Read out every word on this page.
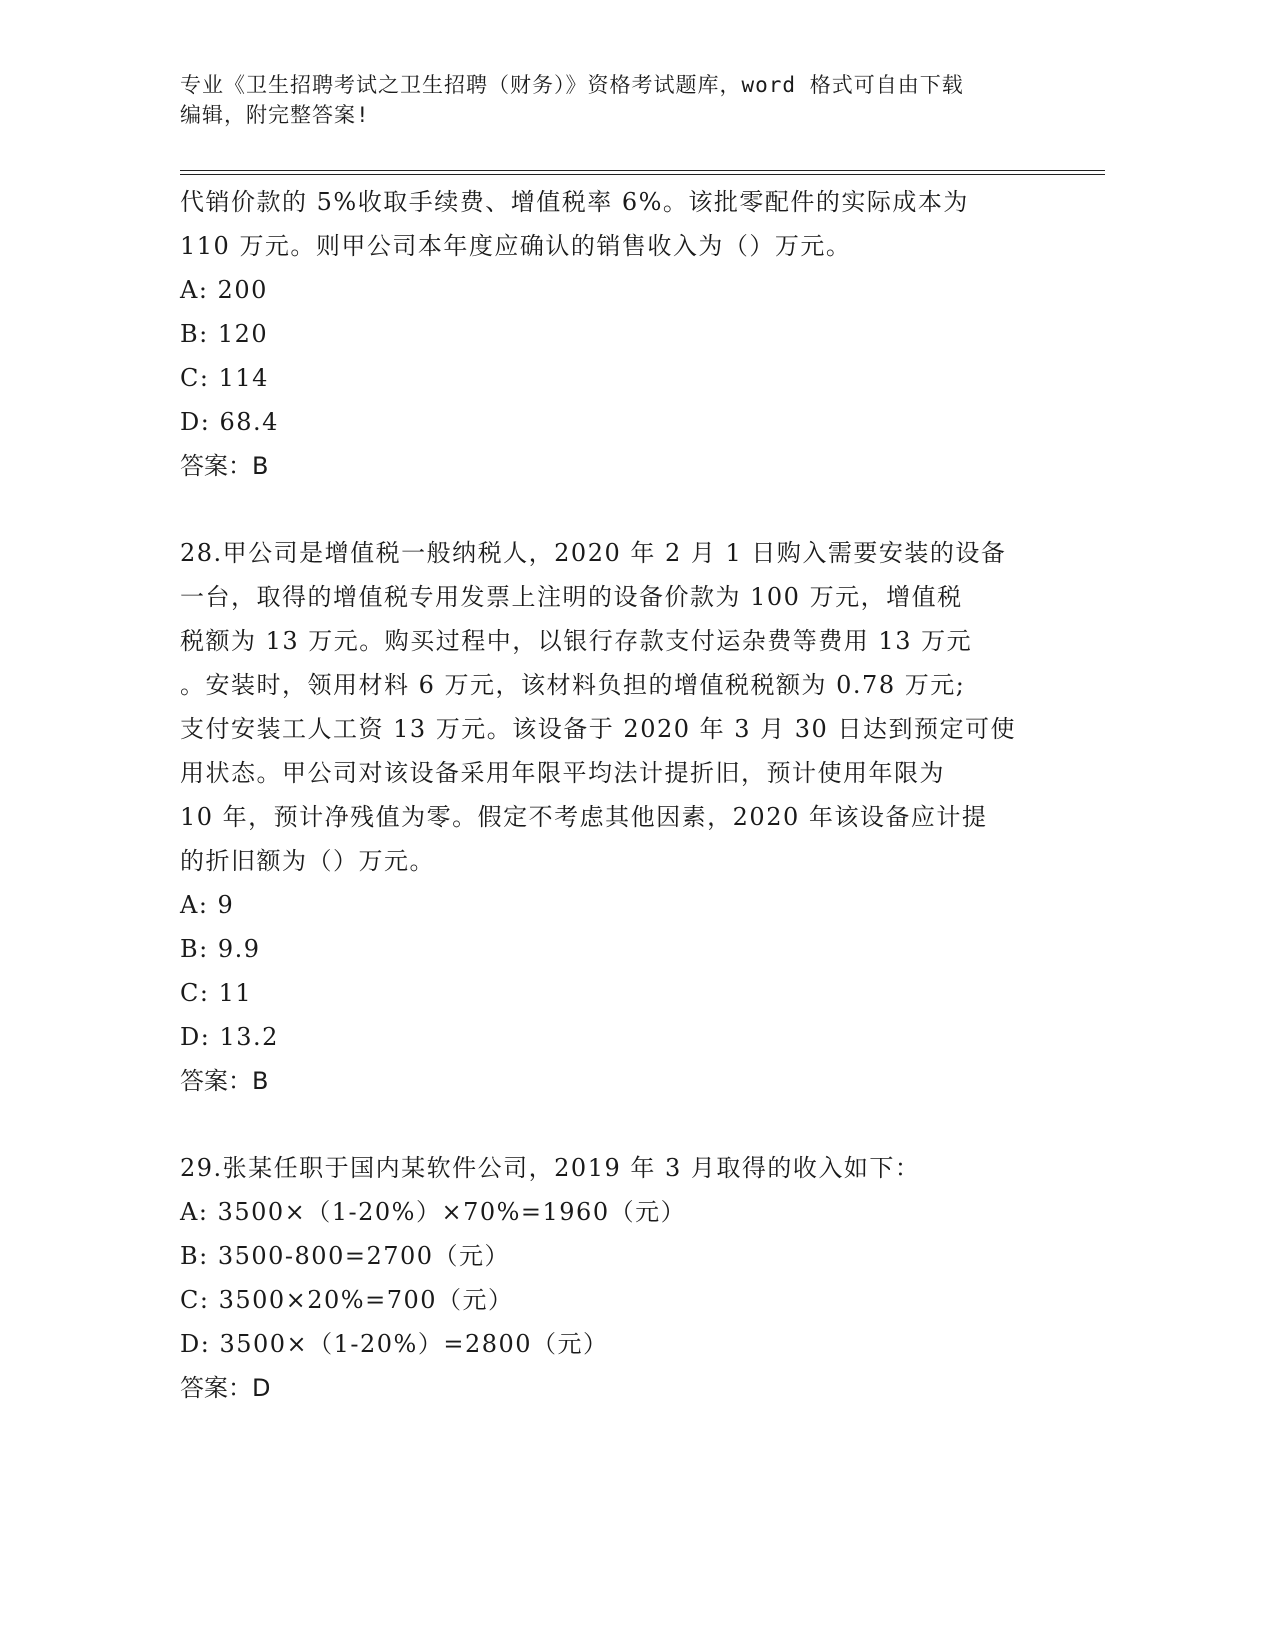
专业《卫生招聘考试之卫生招聘（财务）》资格考试题库，word 格式可自由下载
编辑，附完整答案!
代销价款的 5%收取手续费、增值税率 6%。该批零配件的实际成本为
110 万元。则甲公司本年度应确认的销售收入为（）万元。
A: 200
B: 120
C: 114
D: 68.4
答案：B
28.甲公司是增值税一般纳税人，2020 年 2 月 1 日购入需要安装的设备
一台，取得的增值税专用发票上注明的设备价款为 100 万元，增值税
税额为 13 万元。购买过程中，以银行存款支付运杂费等费用 13 万元
。安装时，领用材料 6 万元，该材料负担的增值税税额为 0.78 万元;
支付安装工人工资 13 万元。该设备于 2020 年 3 月 30 日达到预定可使
用状态。甲公司对该设备采用年限平均法计提折旧，预计使用年限为
10 年，预计净残值为零。假定不考虑其他因素，2020 年该设备应计提
的折旧额为（）万元。
A: 9
B: 9.9
C: 11
D: 13.2
答案：B
29.张某任职于国内某软件公司，2019 年 3 月取得的收入如下：
A: 3500×（1-20%）×70%=1960（元）
B: 3500-800=2700（元）
C: 3500×20%=700（元）
D: 3500×（1-20%）=2800（元）
答案：D
